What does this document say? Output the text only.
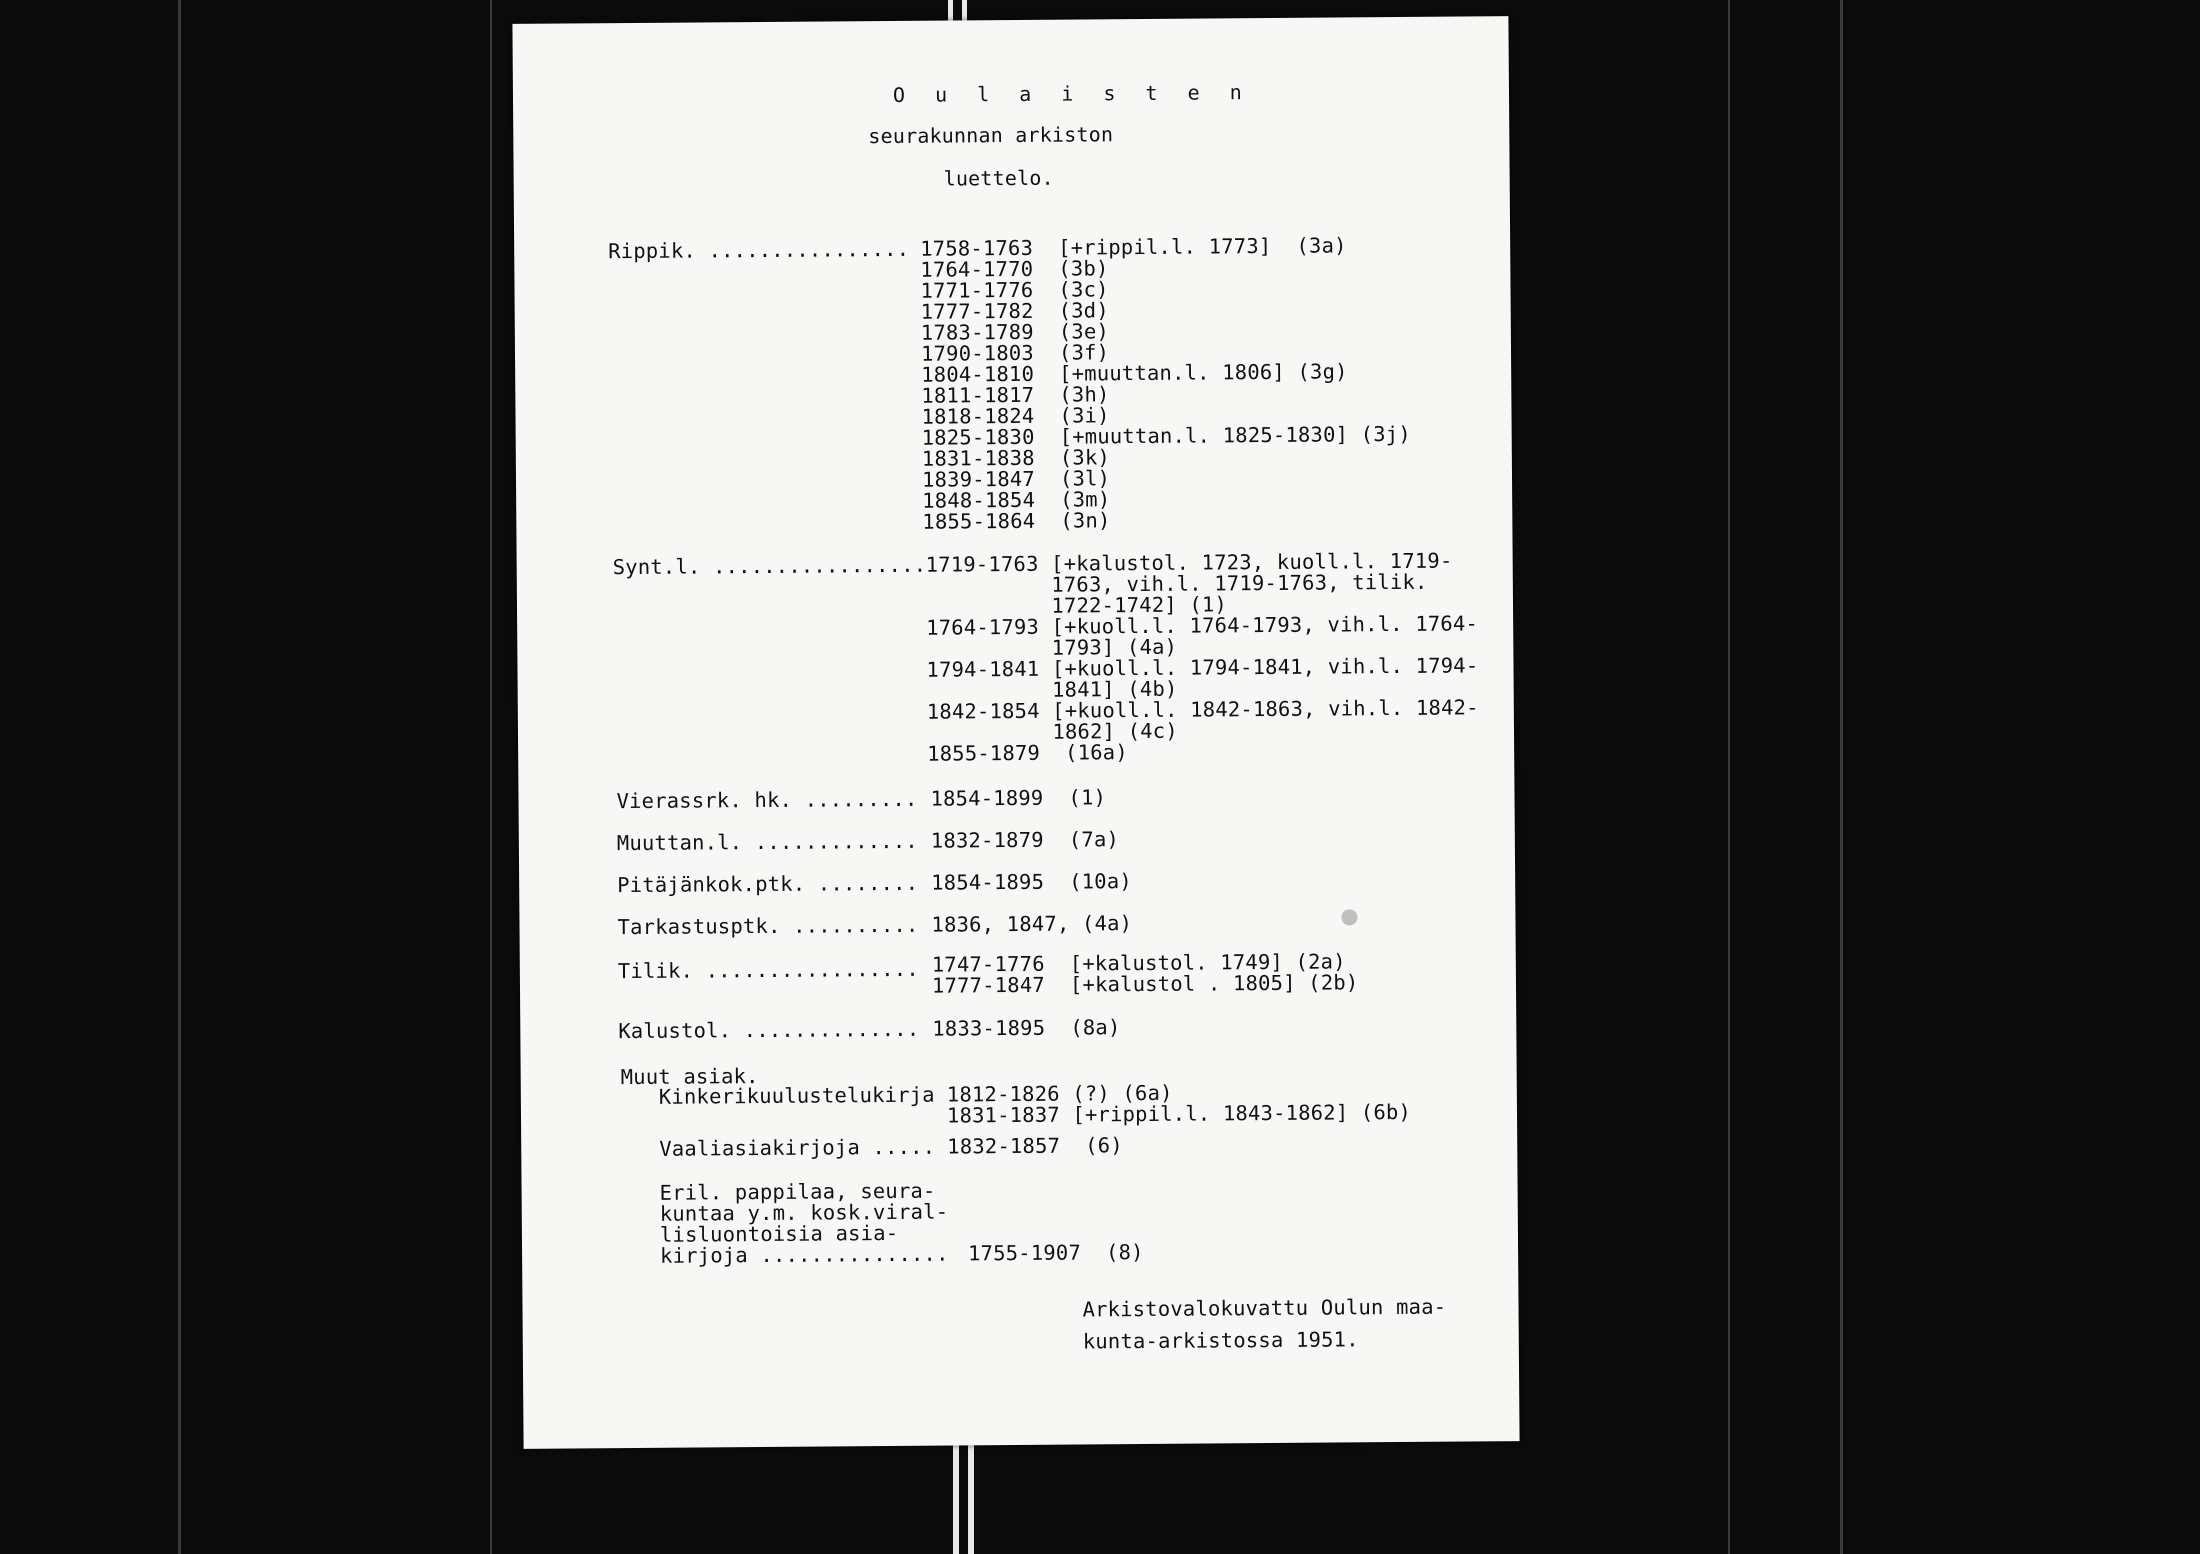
O u l a i s t e n
seurakunnan arkiston
luettelo.
Rippik. ................ 1758-1763  [+rippil.l. 1773]  (3a)
1764-1770  (3b)
1771-1776  (3c)
1777-1782  (3d)
1783-1789  (3e)
1790-1803  (3f)
1804-1810  [+muuttan.l. 1806] (3g)
1811-1817  (3h)
1818-1824  (3i)
1825-1830  [+muuttan.l. 1825-1830] (3j)
1831-1838  (3k)
1839-1847  (3l)
1848-1854  (3m)
1855-1864  (3n)
Synt.l. ................. 1719-1763 [+kalustol. 1723, kuoll.l. 1719-
1763, vih.l. 1719-1763, tilik.
1722-1742] (1)
1764-1793 [+kuoll.l. 1764-1793, vih.l. 1764-
1793] (4a)
1794-1841 [+kuoll.l. 1794-1841, vih.l. 1794-
1841] (4b)
1842-1854 [+kuoll.l. 1842-1863, vih.l. 1842-
1862] (4c)
1855-1879  (16a)
Vierassrk. hk. ......... 1854-1899  (1)
Muuttan.l. ............. 1832-1879  (7a)
Pitäjänkok.ptk. ........ 1854-1895  (10a)
Tarkastusptk. .......... 1836, 1847, (4a)
Tilik. ................. 1747-1776  [+kalustol. 1749] (2a)
1777-1847  [+kalustol . 1805] (2b)
Kalustol. .............. 1833-1895  (8a)
Muut asiak.
Kinkerikuulustelukirja 1812-1826 (?) (6a)
1831-1837 [+rippil.l. 1843-1862] (6b)
Vaaliasiakirjoja ..... 1832-1857  (6)
Eril. pappilaa, seura-
kuntaa y.m. kosk.viral-
lisluontoisia asia-
kirjoja ............... 1755-1907  (8)
Arkistovalokuvattu Oulun maa-
kunta-arkistossa 1951.
